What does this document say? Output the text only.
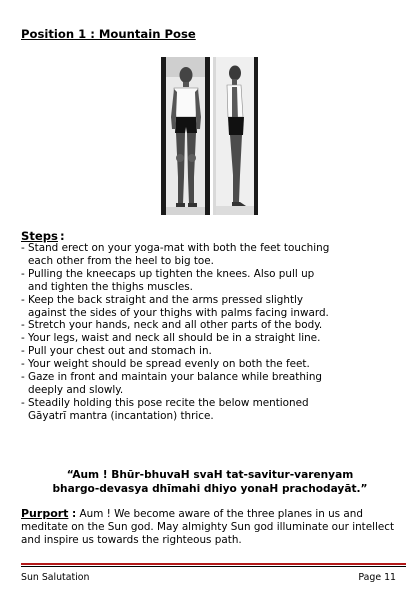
Position 1 : Mountain Pose
Steps :
- Stand erect on your yoga-mat with both the feet touching
each other from the heel to big toe.
- Pulling the kneecaps up tighten the knees. Also pull up
and tighten the thighs muscles.
- Keep the back straight and the arms pressed slightly
against the sides of your thighs with palms facing inward.
- Stretch your hands, neck and all other parts of the body.
- Your legs, waist and neck all should be in a straight line.
- Pull your chest out and stomach in.
- Your weight should be spread evenly on both the feet.
- Gaze in front and maintain your balance while breathing
deeply and slowly.
- Steadily holding this pose recite the below mentioned
Gāyatrī mantra (incantation) thrice.
“Aum ! Bhūr-bhuvaH svaH tat-savitur-varenyam
bhargo-devasya dhīmahi dhiyo yonaH prachodayāt.”
Purport : Aum ! We become aware of the three planes in us and meditate on the Sun god. May almighty Sun god illuminate our intellect and inspire us towards the righteous path.
Sun Salutation	Page 11
